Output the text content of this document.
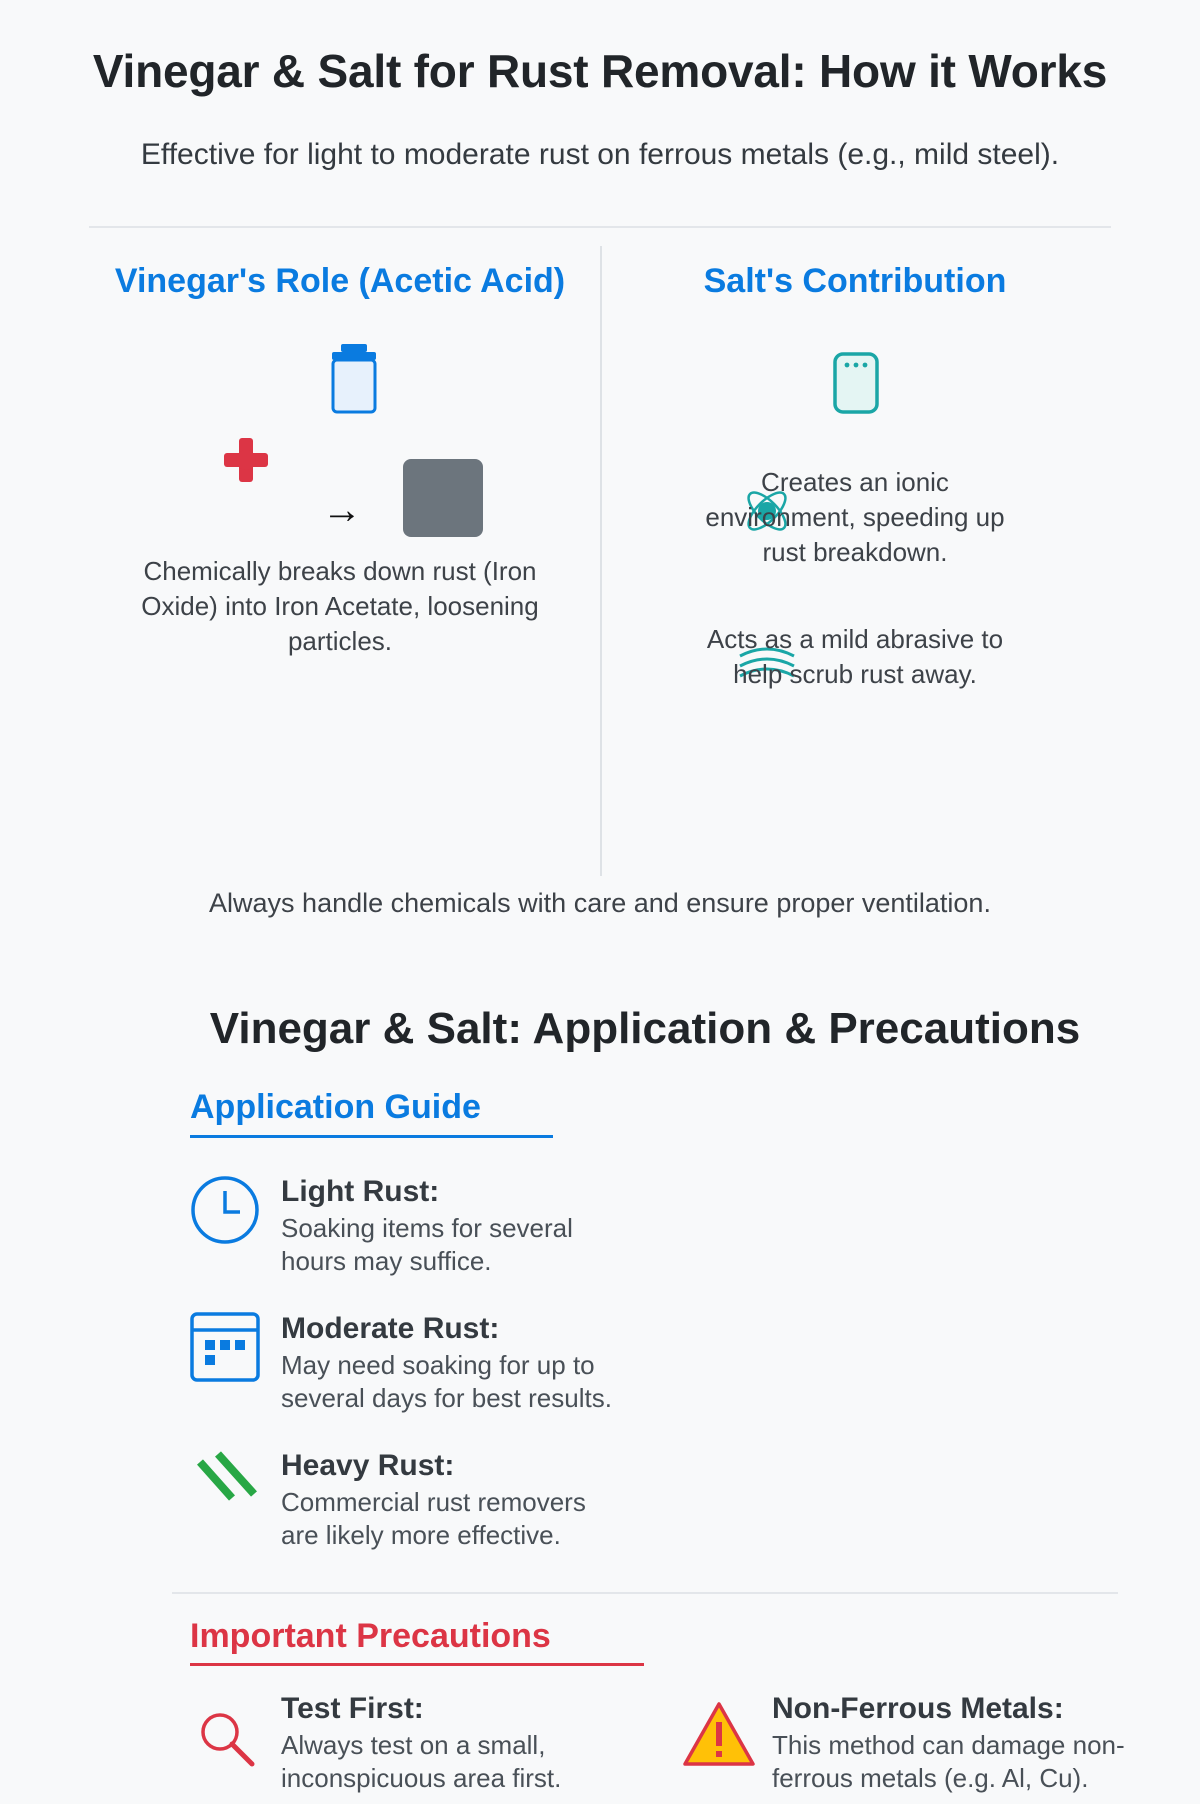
Vinegar & Salt for Rust Removal: How it Works
Effective for light to moderate rust on ferrous metals (e.g., mild steel).
Vinegar's Role (Acetic Acid)
→
Chemically breaks down rust (Iron Oxide) into Iron Acetate, loosening particles.
Salt's Contribution
Creates an ionic environment, speeding up rust breakdown.
Acts as a mild abrasive to help scrub rust away.
Always handle chemicals with care and ensure proper ventilation.
Vinegar & Salt: Application & Precautions
Application Guide
Light Rust:
Soaking items for several hours may suffice.
Moderate Rust:
May need soaking for up to several days for best results.
Heavy Rust:
Commercial rust removers are likely more effective.
Important Precautions
Test First:
Always test on a small, inconspicuous area first.
Non-Ferrous Metals:
This method can damage non-ferrous metals (e.g. Al, Cu).
